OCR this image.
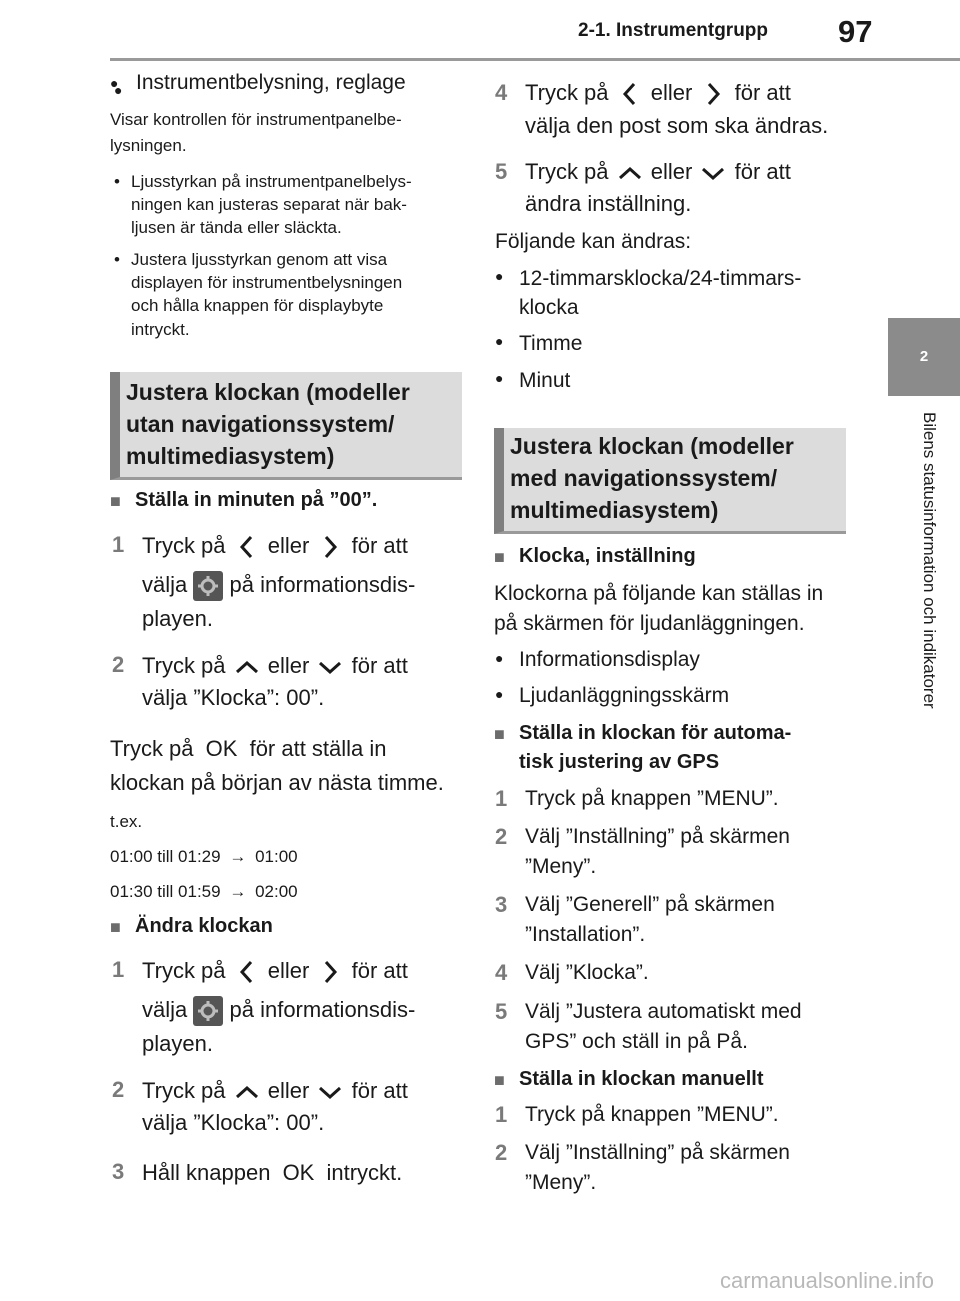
2-1. Instrumentgrupp 97
2
Bilens statusinformation och indikatorer
Instrumentbelysning, reglage
●
Visar kontrollen för instrumentpanelbe-
lysningen.
• Ljusstyrkan på instrumentpanelbelys-
ningen kan justeras separat när bak-
ljusen är tända eller släckta.
• Justera ljusstyrkan genom att visa
displayen för instrumentbelysningen
och hålla knappen för displaybyte
intryckt.
Justera klockan (modeller
utan navigationssystem/
multimediasystem)
■ Ställa in minuten på ”00”.
1 Tryck på eller för att
välja på informationsdis-
playen.
2 Tryck på eller för att
välja ”Klocka”: 00”.
Tryck på OK för att ställa in
klockan på början av nästa timme.
t.ex.
01:00 till 01:29 → 01:00
01:30 till 01:59 → 02:00
■ Ändra klockan
1 Tryck på eller för att
välja på informationsdis-
playen.
2 Tryck på eller för att
välja ”Klocka”: 00”.
3 Håll knappen OK intryckt.
4 Tryck på eller för att
välja den post som ska ändras.
5 Tryck på eller för att
ändra inställning.
Följande kan ändras:
● 12-timmarsklocka/24-timmars-
klocka
● Timme
● Minut
Justera klockan (modeller
med navigationssystem/
multimediasystem)
■ Klocka, inställning
Klockorna på följande kan ställas in
på skärmen för ljudanläggningen.
● Informationsdisplay
● Ljudanläggningsskärm
■ Ställa in klockan för automa-
tisk justering av GPS
1 Tryck på knappen ”MENU”.
2 Välj ”Inställning” på skärmen
”Meny”.
3 Välj ”Generell” på skärmen
”Installation”.
4 Välj ”Klocka”.
5 Välj ”Justera automatiskt med
GPS” och ställ in på På.
■ Ställa in klockan manuellt
1 Tryck på knappen ”MENU”.
2 Välj ”Inställning” på skärmen
”Meny”.
carmanualsonline.info
